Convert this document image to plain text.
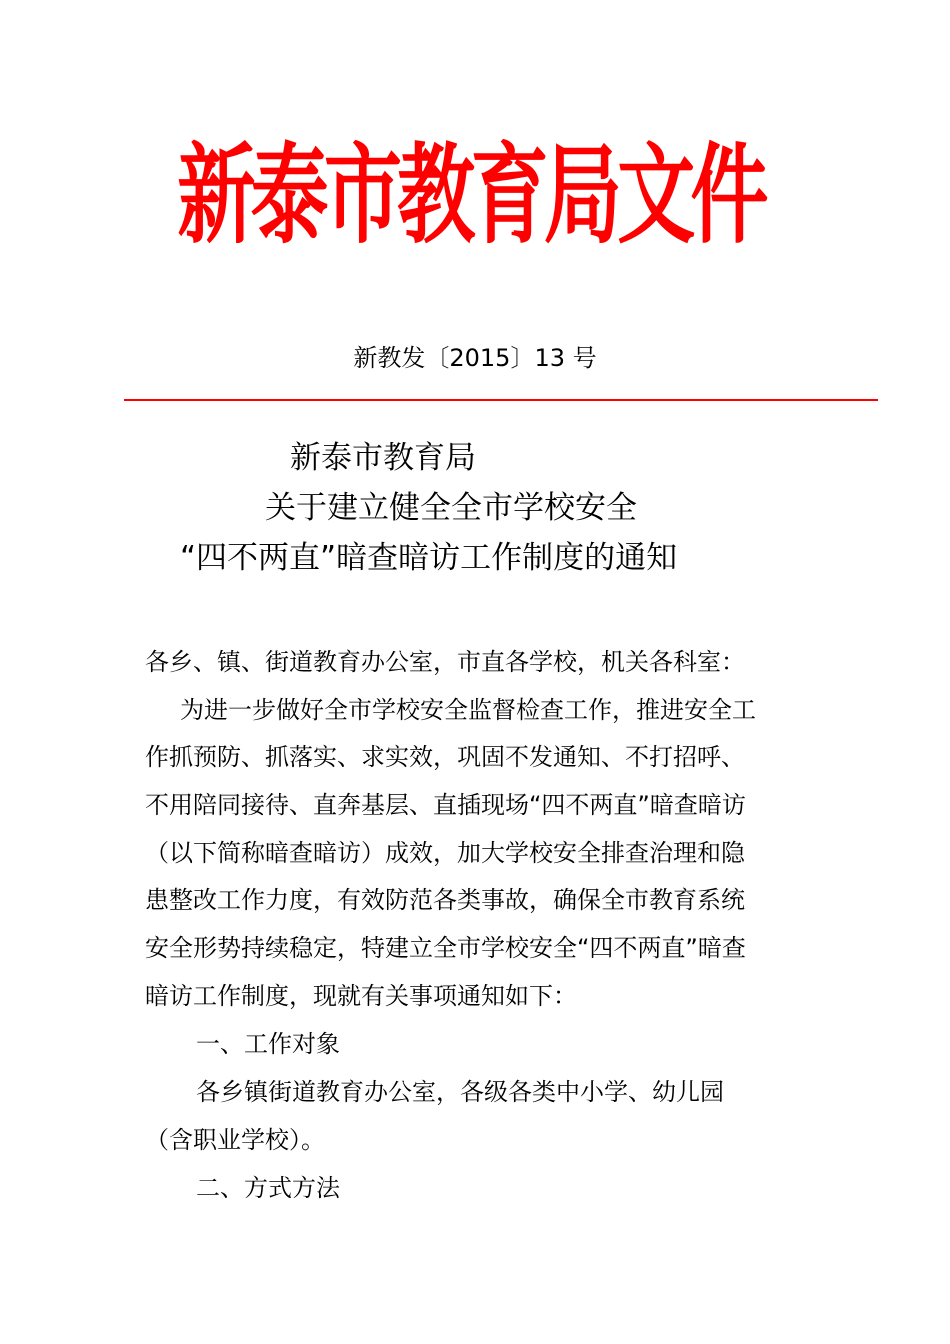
新泰市教育局文件
新教发〔2015〕13 号
新泰市教育局
关于建立健全全市学校安全
“四不两直”暗查暗访工作制度的通知
各乡、镇、街道教育办公室，市直各学校，机关各科室：
为进一步做好全市学校安全监督检查工作，推进安全工
作抓预防、抓落实、求实效，巩固不发通知、不打招呼、
不用陪同接待、直奔基层、直插现场“四不两直”暗查暗访
（以下简称暗查暗访）成效，加大学校安全排查治理和隐
患整改工作力度，有效防范各类事故，确保全市教育系统
安全形势持续稳定，特建立全市学校安全“四不两直”暗查
暗访工作制度，现就有关事项通知如下：
一、工作对象
各乡镇街道教育办公室，各级各类中小学、幼儿园
（含职业学校）。
二、方式方法
